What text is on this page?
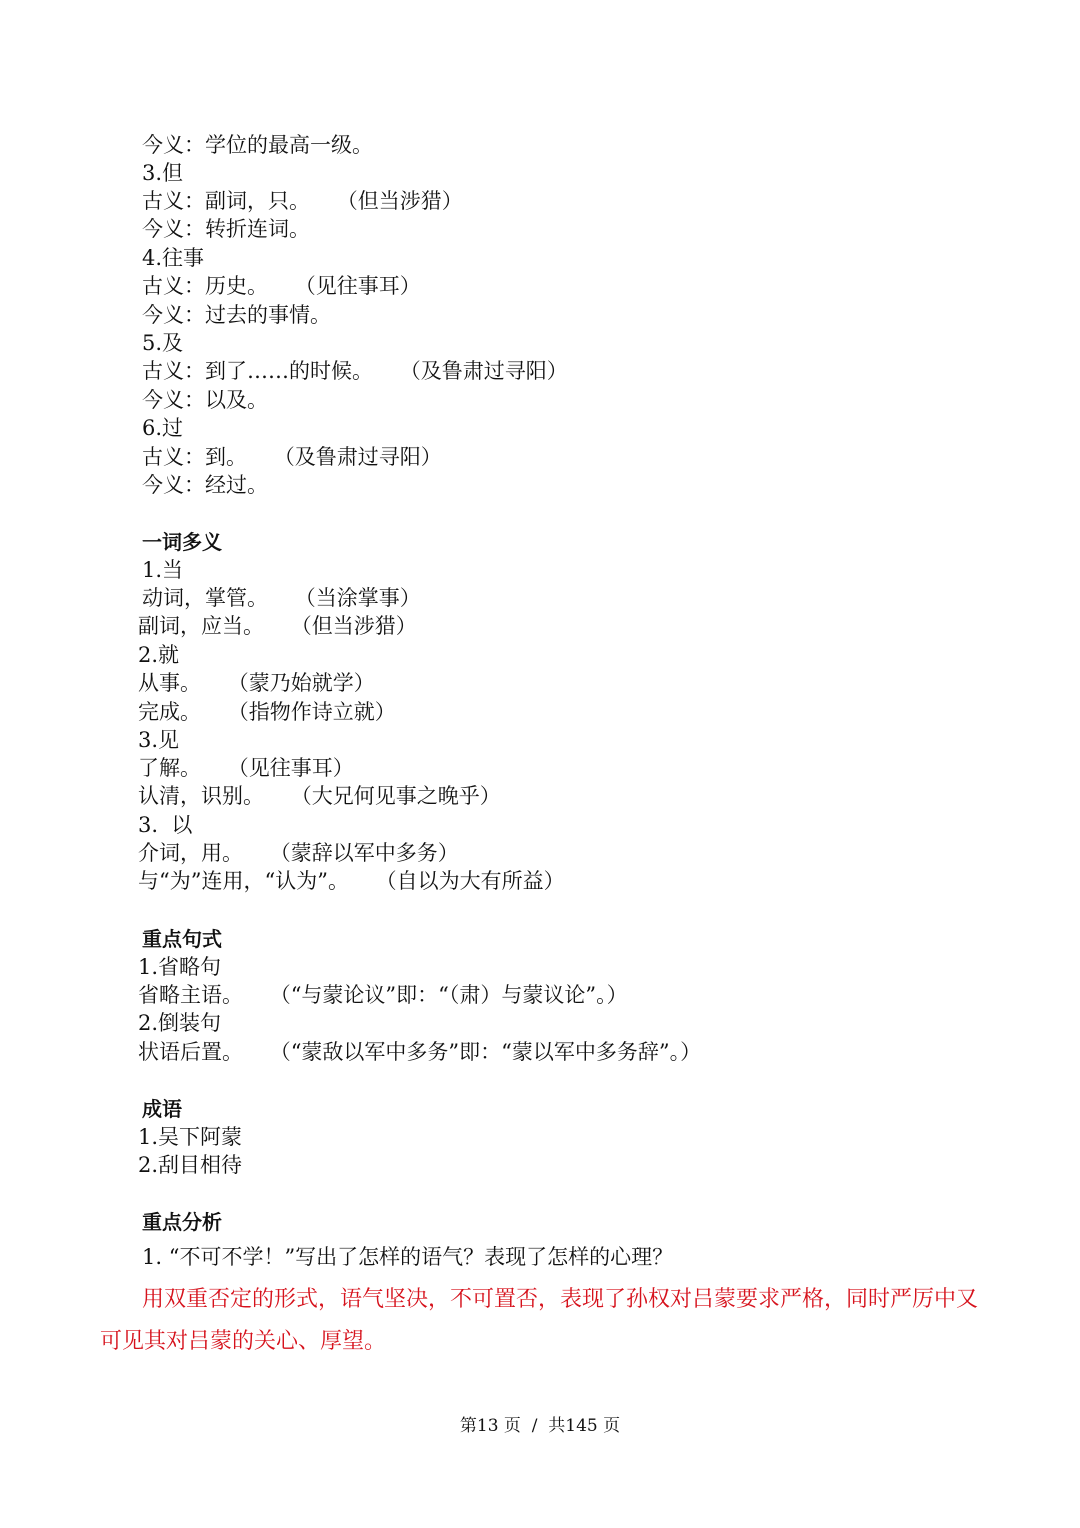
今义：学位的最高一级。
3.但
古义：副词，只。    （但当涉猎）
今义：转折连词。
4.往事
古义：历史。    （见往事耳）
今义：过去的事情。
5.及
古义：到了……的时候。    （及鲁肃过寻阳）
今义：以及。
6.过
古义：到。    （及鲁肃过寻阳）
今义：经过。
一词多义
1.当
动词，掌管。    （当涂掌事）
副词，应当。    （但当涉猎）
2.就
从事。    （蒙乃始就学）
完成。    （指物作诗立就）
3.见
了解。    （见往事耳）
认清，识别。    （大兄何见事之晚乎）
3.  以
介词，用。    （蒙辞以军中多务）
与“为”连用，“认为”。    （自以为大有所益）
重点句式
1.省略句
省略主语。    （“与蒙论议”即：“（肃）与蒙议论”。）
2.倒装句
状语后置。    （“蒙敌以军中多务”即：“蒙以军中多务辞”。）
成语
1.吴下阿蒙
2.刮目相待
重点分析
1. “不可不学！”写出了怎样的语气？表现了怎样的心理？
用双重否定的形式，语气坚决，不可置否，表现了孙权对吕蒙要求严格，同时严厉中又
可见其对吕蒙的关心、厚望。
第13 页  /  共145 页
